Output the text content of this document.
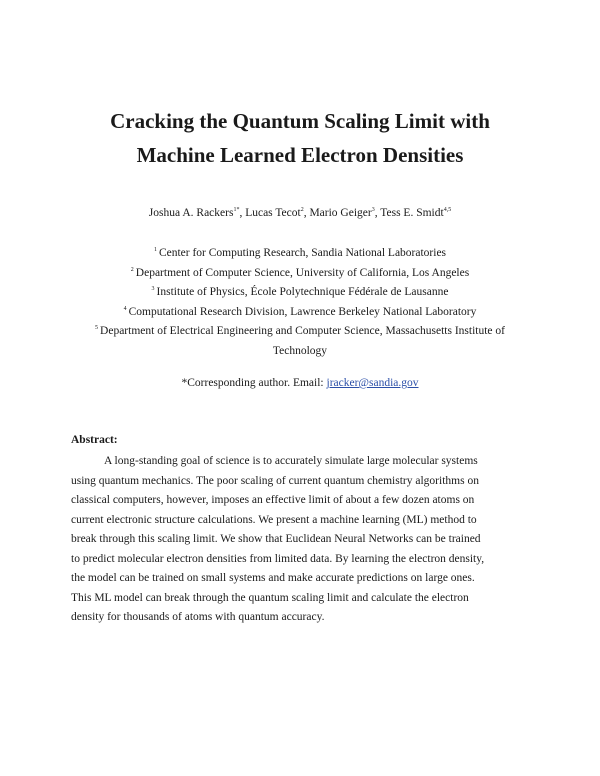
Cracking the Quantum Scaling Limit with
Machine Learned Electron Densities
Joshua A. Rackers$^{1*}$, Lucas Tecot$^2$, Mario Geiger$^3$, Tess E. Smidt$^{4,5}$
$^1$ Center for Computing Research, Sandia National Laboratories
$^2$ Department of Computer Science, University of California, Los Angeles
$^3$ Institute of Physics, École Polytechnique Fédérale de Lausanne
$^4$ Computational Research Division, Lawrence Berkeley National Laboratory
$^5$ Department of Electrical Engineering and Computer Science, Massachusetts Institute of
Technology
*Corresponding author. Email: jracker@sandia.gov
Abstract:
A long-standing goal of science is to accurately simulate large molecular systems
using quantum mechanics. The poor scaling of current quantum chemistry algorithms on
classical computers, however, imposes an effective limit of about a few dozen atoms on
current electronic structure calculations. We present a machine learning (ML) method to
break through this scaling limit. We show that Euclidean Neural Networks can be trained
to predict molecular electron densities from limited data. By learning the electron density,
the model can be trained on small systems and make accurate predictions on large ones.
This ML model can break through the quantum scaling limit and calculate the electron
density for thousands of atoms with quantum accuracy.
